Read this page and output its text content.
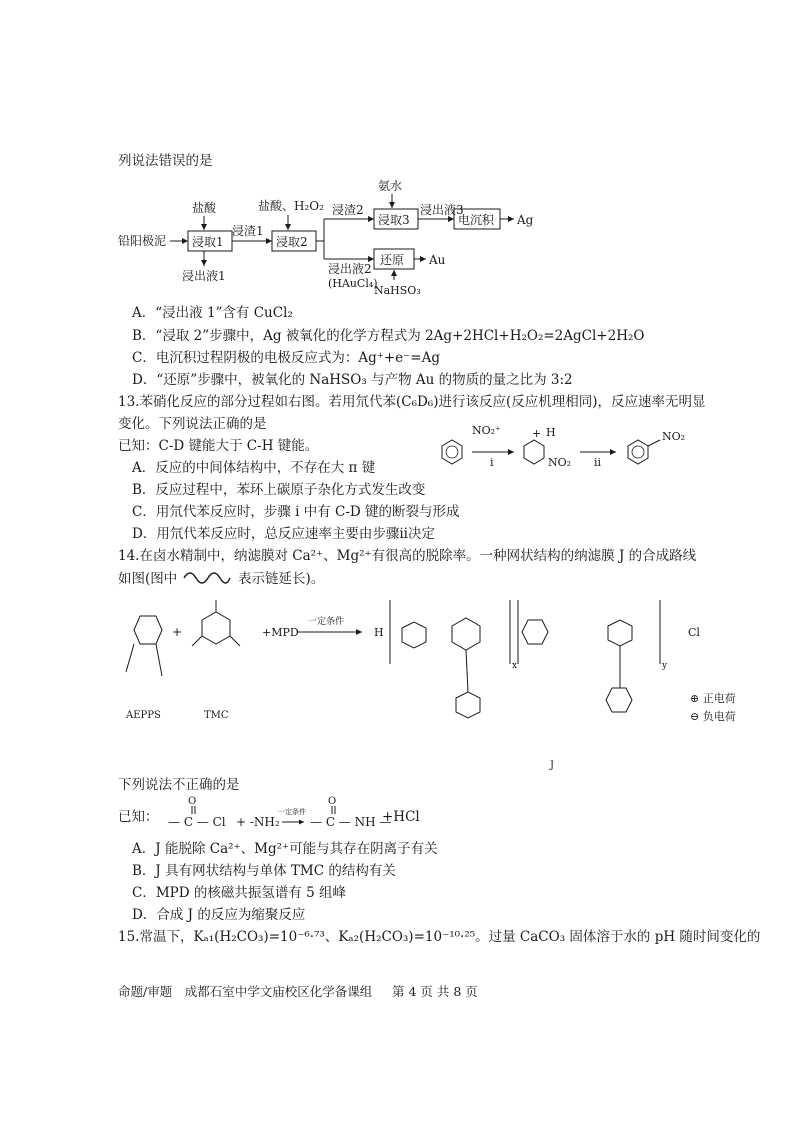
列说法错误的是
铅阳极泥
盐酸
浸取1
浸出液1
浸渣1
盐酸、H₂O₂
浸取2
浸渣2
氨水
浸取3
浸出液3
电沉积 Ag
浸出液2
(HAuCl₄)
还原 Au
NaHSO₃
A．“浸出液 1”含有 CuCl₂
B．“浸取 2”步骤中，Ag 被氧化的化学方程式为 2Ag+2HCl+H₂O₂=2AgCl+2H₂O
C．电沉积过程阴极的电极反应式为：Ag⁺+e⁻=Ag
D．“还原”步骤中，被氧化的 NaHSO₃ 与产物 Au 的物质的量之比为 3:2
13.苯硝化反应的部分过程如右图。若用氘代苯(C₆D₆)进行该反应(反应机理相同)，反应速率无明显
变化。下列说法正确的是
已知：C-D 键能大于 C-H 键能。
A．反应的中间体结构中，不存在大 π 键
B．反应过程中，苯环上碳原子杂化方式发生改变
C．用氘代苯反应时，步骤 i 中有 C-D 键的断裂与形成
D．用氘代苯反应时，总反应速率主要由步骤ii决定
NO₂⁺
i
+ H
NO₂ ii
NO₂
14.在卤水精制中，纳滤膜对 Ca²⁺、Mg²⁺有很高的脱除率。一种网状结构的纳滤膜 J 的合成路线
如图(图中	表示链延长)。
AEPPS
+
TMC
+MPD
一定条件
H
x	y
J
Cl
⊕ 正电荷
⊖ 负电荷
下列说法不正确的是
已知： — C — Cl
O
+ -NH₂
一定条件
— C — NH —
O
+HCl
A．J 能脱除 Ca²⁺、Mg²⁺可能与其存在阴离子有关
B．J 具有网状结构与单体 TMC 的结构有关
C．MPD 的核磁共振氢谱有 5 组峰
D．合成 J 的反应为缩聚反应
15.常温下，Kₐ₁(H₂CO₃)=10⁻⁶·⁷³、Kₐ₂(H₂CO₃)=10⁻¹⁰·²⁵。过量 CaCO₃ 固体溶于水的 pH 随时间变化的
命题/审题　成都石室中学文庙校区化学备课组 第 4 页 共 8 页
